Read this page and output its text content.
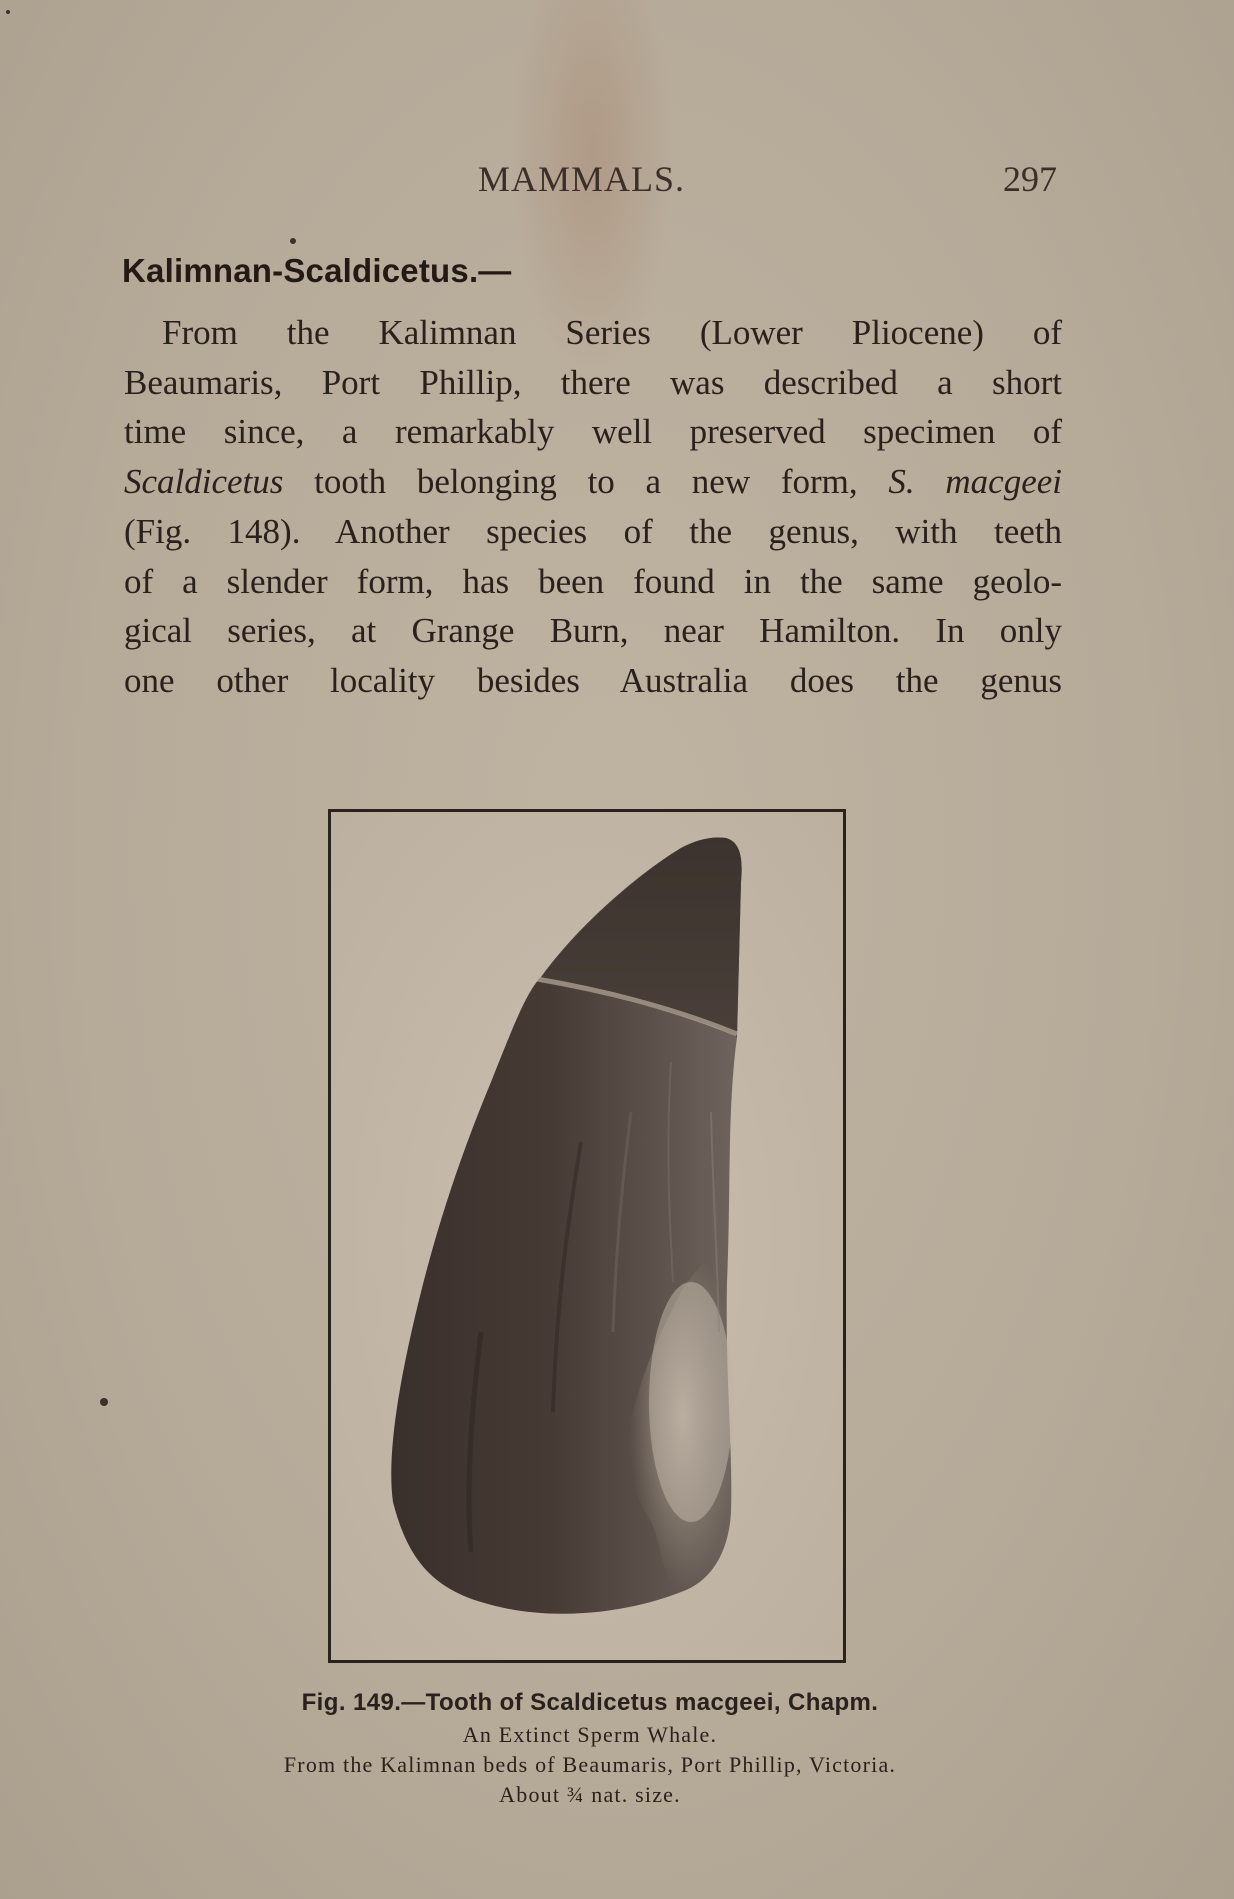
MAMMALS.	297
Kalimnan-Scaldicetus.—
From the Kalimnan Series (Lower Pliocene) of
Beaumaris, Port Phillip, there was described a short
time since, a remarkably well preserved specimen of
Scaldicetus tooth belonging to a new form, S. macgeei
(Fig. 148). Another species of the genus, with teeth
of a slender form, has been found in the same geolo-
gical series, at Grange Burn, near Hamilton. In only
one other locality besides Australia does the genus
Fig. 149.—Tooth of Scaldicetus macgeei, Chapm.
An Extinct Sperm Whale.
From the Kalimnan beds of Beaumaris, Port Phillip, Victoria.
About ¾ nat. size.
